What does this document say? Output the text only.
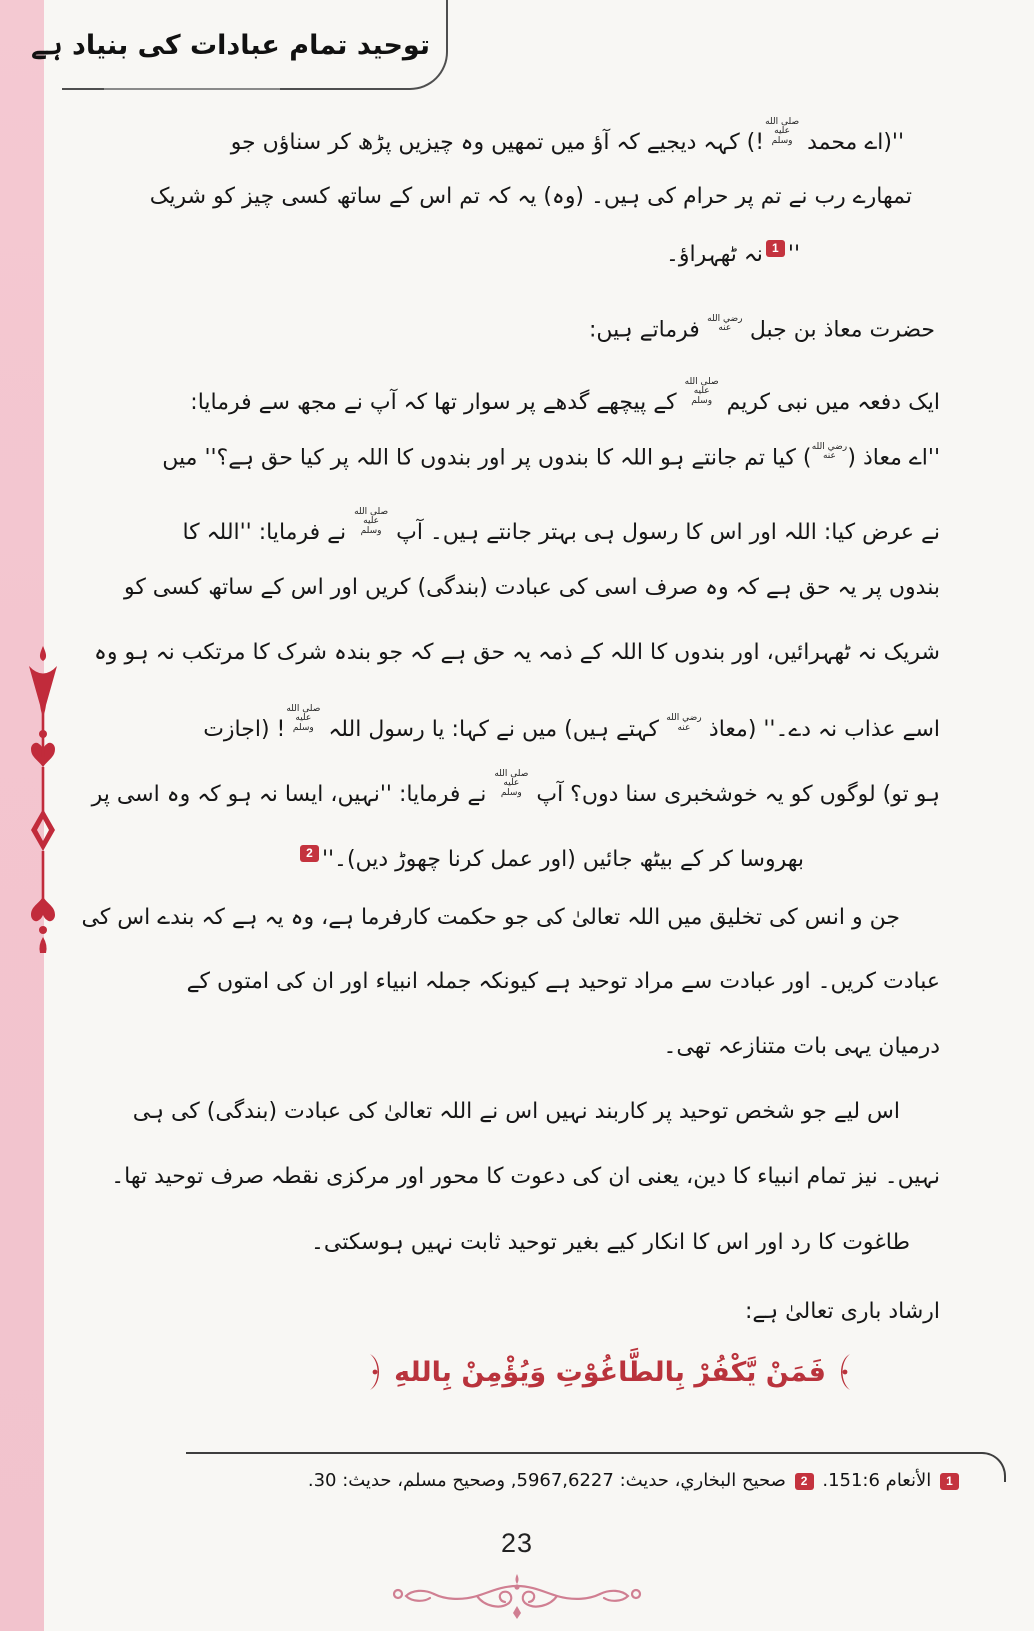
توحید تمام عبادات کی بنیاد ہے
''(اے محمد صلى الله عليه وسلم!) کہہ دیجیے کہ آؤ میں تمھیں وہ چیزیں پڑھ کر سناؤں جو
تمھارے رب نے تم پر حرام کی ہیں۔ (وہ) یہ کہ تم اس کے ساتھ کسی چیز کو شریک
نہ ٹھہراؤ۔ 1 ''
حضرت معاذ بن جبل رضي الله عنه فرماتے ہیں:
ایک دفعہ میں نبی کریم صلى الله عليه وسلم کے پیچھے گدھے پر سوار تھا کہ آپ نے مجھ سے فرمایا:
''اے معاذ (رضي الله عنه) کیا تم جانتے ہو اللہ کا بندوں پر اور بندوں کا اللہ پر کیا حق ہے؟'' میں
نے عرض کیا: اللہ اور اس کا رسول ہی بہتر جانتے ہیں۔ آپ صلى الله عليه وسلم نے فرمایا: ''اللہ کا
بندوں پر یہ حق ہے کہ وہ صرف اسی کی عبادت (بندگی) کریں اور اس کے ساتھ کسی کو
شریک نہ ٹھہرائیں، اور بندوں کا اللہ کے ذمہ یہ حق ہے کہ جو بندہ شرک کا مرتکب نہ ہو وہ
اسے عذاب نہ دے۔'' (معاذ رضي الله عنه کہتے ہیں) میں نے کہا: یا رسول اللہ صلى الله عليه وسلم! (اجازت
ہو تو) لوگوں کو یہ خوشخبری سنا دوں؟ آپ صلى الله عليه وسلم نے فرمایا: ''نہیں، ایسا نہ ہو کہ وہ اسی پر
بھروسا کر کے بیٹھ جائیں (اور عمل کرنا چھوڑ دیں)۔''2
جن و انس کی تخلیق میں اللہ تعالیٰ کی جو حکمت کارفرما ہے، وہ یہ ہے کہ بندے اس کی
عبادت کریں۔ اور عبادت سے مراد توحید ہے کیونکہ جملہ انبیاء اور ان کی امتوں کے
درمیان یہی بات متنازعہ تھی۔
اس لیے جو شخص توحید پر کاربند نہیں اس نے اللہ تعالیٰ کی عبادت (بندگی) کی ہی
نہیں۔ نیز تمام انبیاء کا دین، یعنی ان کی دعوت کا محور اور مرکزی نقطہ صرف توحید تھا۔
طاغوت کا رد اور اس کا انکار کیے بغیر توحید ثابت نہیں ہوسکتی۔
ارشاد باری تعالیٰ ہے:
فَمَنْ يَّكْفُرْ بِالطَّاغُوْتِ وَيُؤْمِنْ بِاللهِ
1 الأنعام 151:6. 2 صحیح البخاري، حدیث: 5967,6227, وصحیح مسلم، حدیث: 30.
23
